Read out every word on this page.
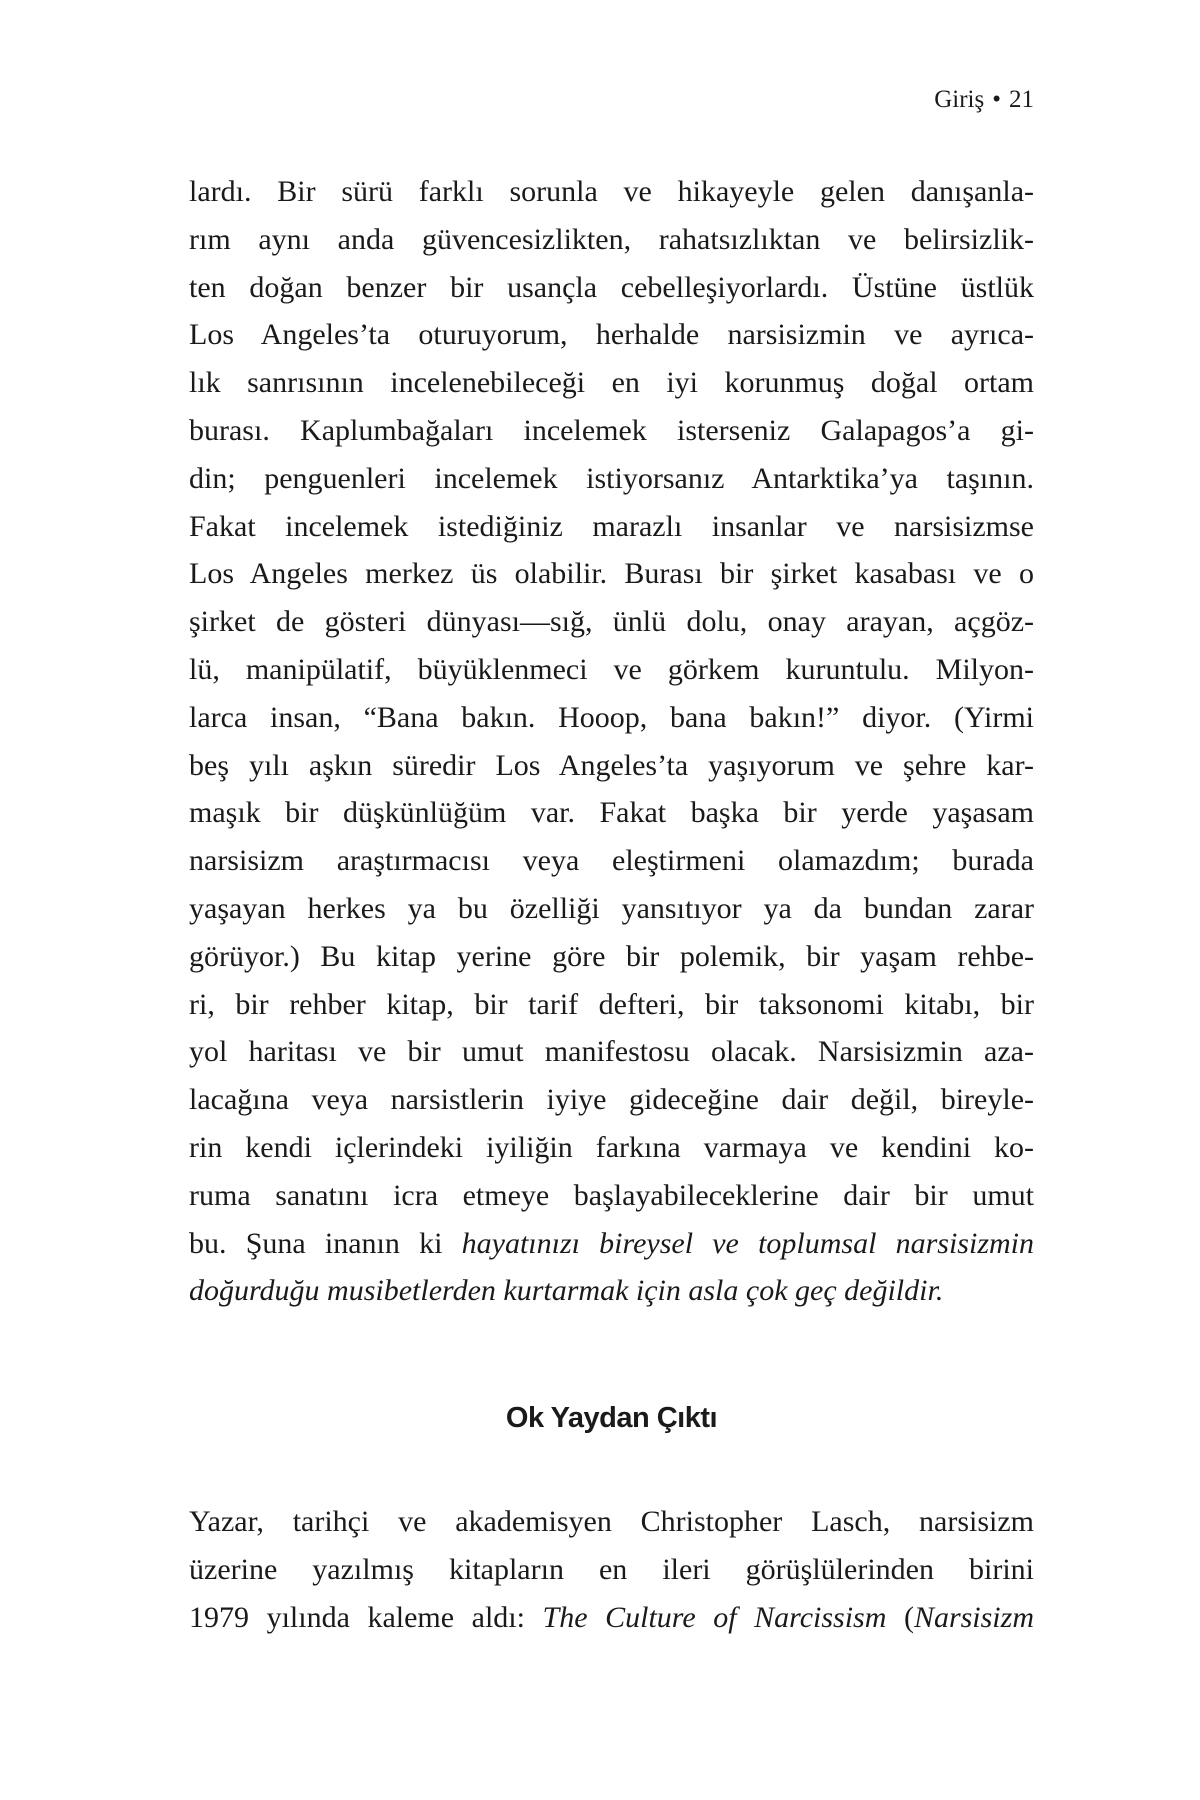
Giriş • 21
lardı. Bir sürü farklı sorunla ve hikayeyle gelen danışanla-
rım aynı anda güvencesizlikten, rahatsızlıktan ve belirsizlik-
ten doğan benzer bir usançla cebelleşiyorlardı. Üstüne üstlük
Los Angeles’ta oturuyorum, herhalde narsisizmin ve ayrıca-
lık sanrısının incelenebileceği en iyi korunmuş doğal ortam
burası. Kaplumbağaları incelemek isterseniz Galapagos’a gi-
din; penguenleri incelemek istiyorsanız Antarktika’ya taşının.
Fakat incelemek istediğiniz marazlı insanlar ve narsisizmse
Los Angeles merkez üs olabilir. Burası bir şirket kasabası ve o
şirket de gösteri dünyası—sığ, ünlü dolu, onay arayan, açgöz-
lü, manipülatif, büyüklenmeci ve görkem kuruntulu. Milyon-
larca insan, “Bana bakın. Hooop, bana bakın!” diyor. (Yirmi
beş yılı aşkın süredir Los Angeles’ta yaşıyorum ve şehre kar-
maşık bir düşkünlüğüm var. Fakat başka bir yerde yaşasam
narsisizm araştırmacısı veya eleştirmeni olamazdım; burada
yaşayan herkes ya bu özelliği yansıtıyor ya da bundan zarar
görüyor.) Bu kitap yerine göre bir polemik, bir yaşam rehbe-
ri, bir rehber kitap, bir tarif defteri, bir taksonomi kitabı, bir
yol haritası ve bir umut manifestosu olacak. Narsisizmin aza-
lacağına veya narsistlerin iyiye gideceğine dair değil, bireyle-
rin kendi içlerindeki iyiliğin farkına varmaya ve kendini ko-
ruma sanatını icra etmeye başlayabileceklerine dair bir umut
bu. Şuna inanın ki hayatınızı bireysel ve toplumsal narsisizmin
doğurduğu musibetlerden kurtarmak için asla çok geç değildir.
Ok Yaydan Çıktı
Yazar, tarihçi ve akademisyen Christopher Lasch, narsisizm
üzerine yazılmış kitapların en ileri görüşlülerinden birini
1979 yılında kaleme aldı: The Culture of Narcissism (Narsisizm
